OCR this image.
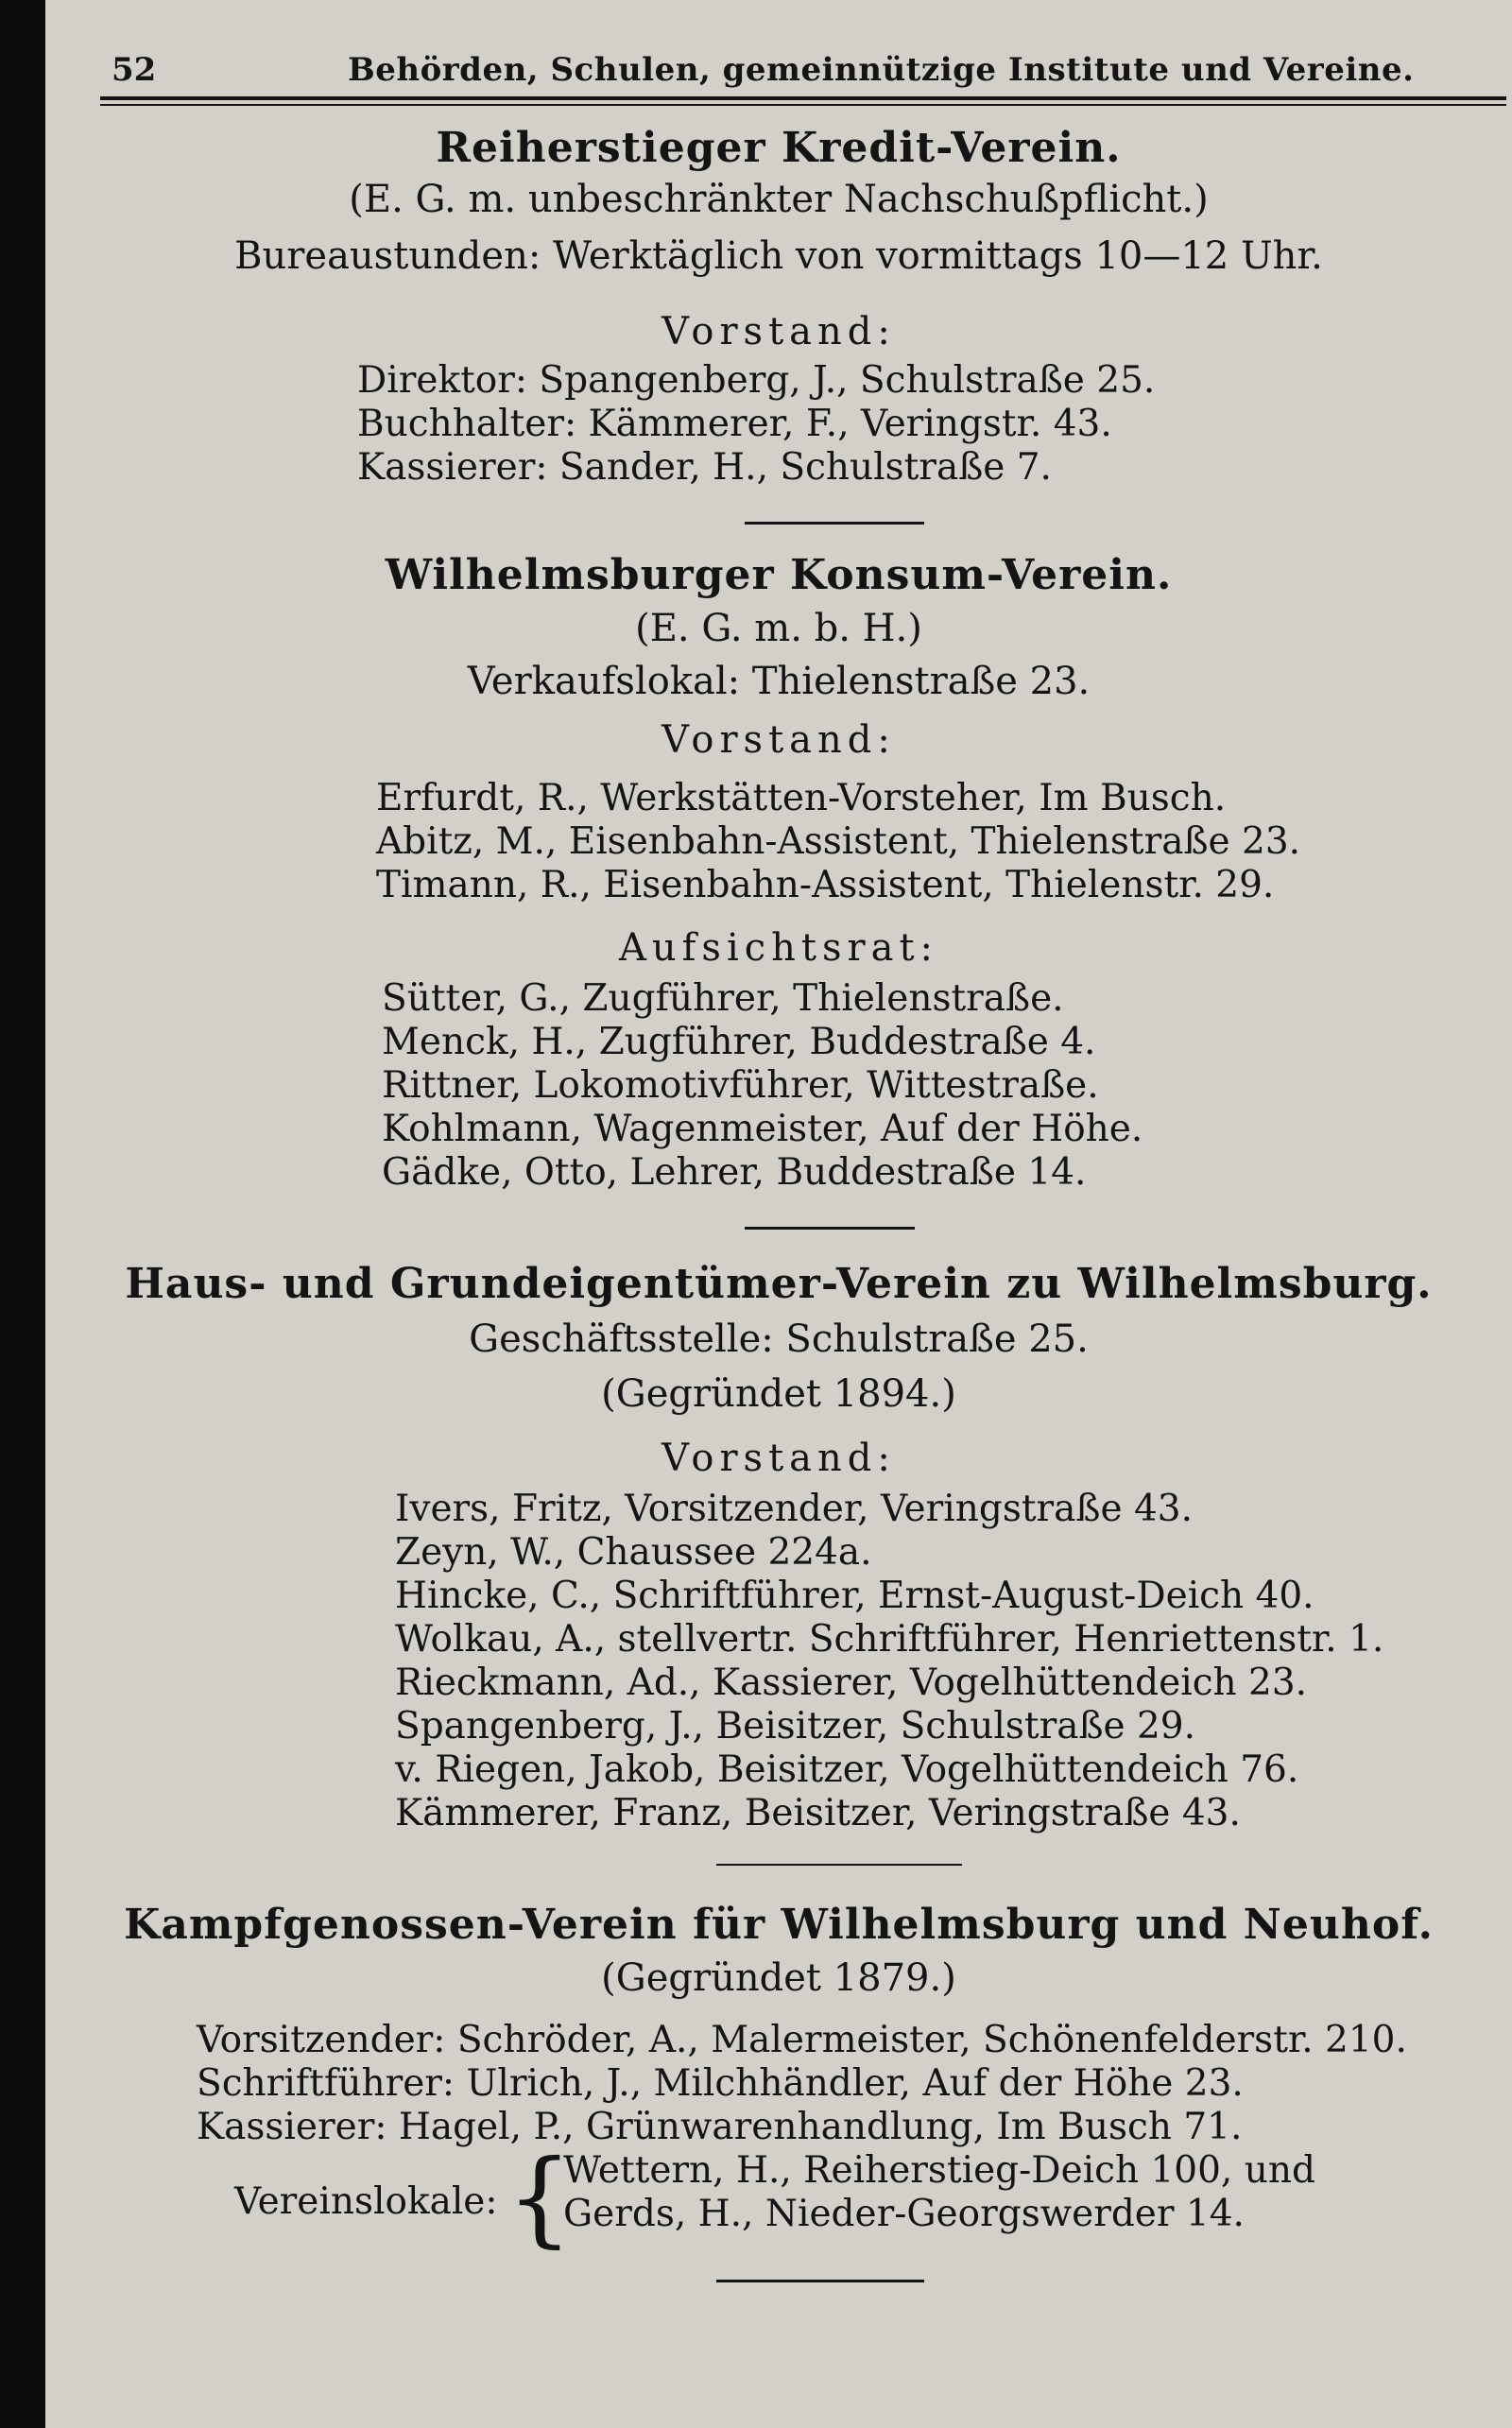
52	Behörden, Schulen, gemeinnützige Institute und Vereine.
Reiherstieger Kredit-Verein.
(E. G. m. unbeschränkter Nachschußpflicht.)
Bureaustunden: Werktäglich von vormittags 10—12 Uhr.
Vorstand:
Direktor: Spangenberg, J., Schulstraße 25.
Buchhalter: Kämmerer, F., Veringstr. 43.
Kassierer: Sander, H., Schulstraße 7.
Wilhelmsburger Konsum-Verein.
(E. G. m. b. H.)
Verkaufslokal: Thielenstraße 23.
Vorstand:
Erfurdt, R., Werkstätten-Vorsteher, Im Busch.
Abitz, M., Eisenbahn-Assistent, Thielenstraße 23.
Timann, R., Eisenbahn-Assistent, Thielenstr. 29.
Aufsichtsrat:
Sütter, G., Zugführer, Thielenstraße.
Menck, H., Zugführer, Buddestraße 4.
Rittner, Lokomotivführer, Wittestraße.
Kohlmann, Wagenmeister, Auf der Höhe.
Gädke, Otto, Lehrer, Buddestraße 14.
Haus- und Grundeigentümer-Verein zu Wilhelmsburg.
Geschäftsstelle: Schulstraße 25.
(Gegründet 1894.)
Vorstand:
Ivers, Fritz, Vorsitzender, Veringstraße 43.
Zeyn, W., Chaussee 224a.
Hincke, C., Schriftführer, Ernst-August-Deich 40.
Wolkau, A., stellvertr. Schriftführer, Henriettenstr. 1.
Rieckmann, Ad., Kassierer, Vogelhüttendeich 23.
Spangenberg, J., Beisitzer, Schulstraße 29.
v. Riegen, Jakob, Beisitzer, Vogelhüttendeich 76.
Kämmerer, Franz, Beisitzer, Veringstraße 43.
Kampfgenossen-Verein für Wilhelmsburg und Neuhof.
(Gegründet 1879.)
Vorsitzender: Schröder, A., Malermeister, Schönenfelderstr. 210.
Schriftführer: Ulrich, J., Milchhändler, Auf der Höhe 23.
Kassierer: Hagel, P., Grünwarenhandlung, Im Busch 71.
Vereinslokale: {
Wettern, H., Reiherstieg-Deich 100, und
Gerds, H., Nieder-Georgswerder 14.
